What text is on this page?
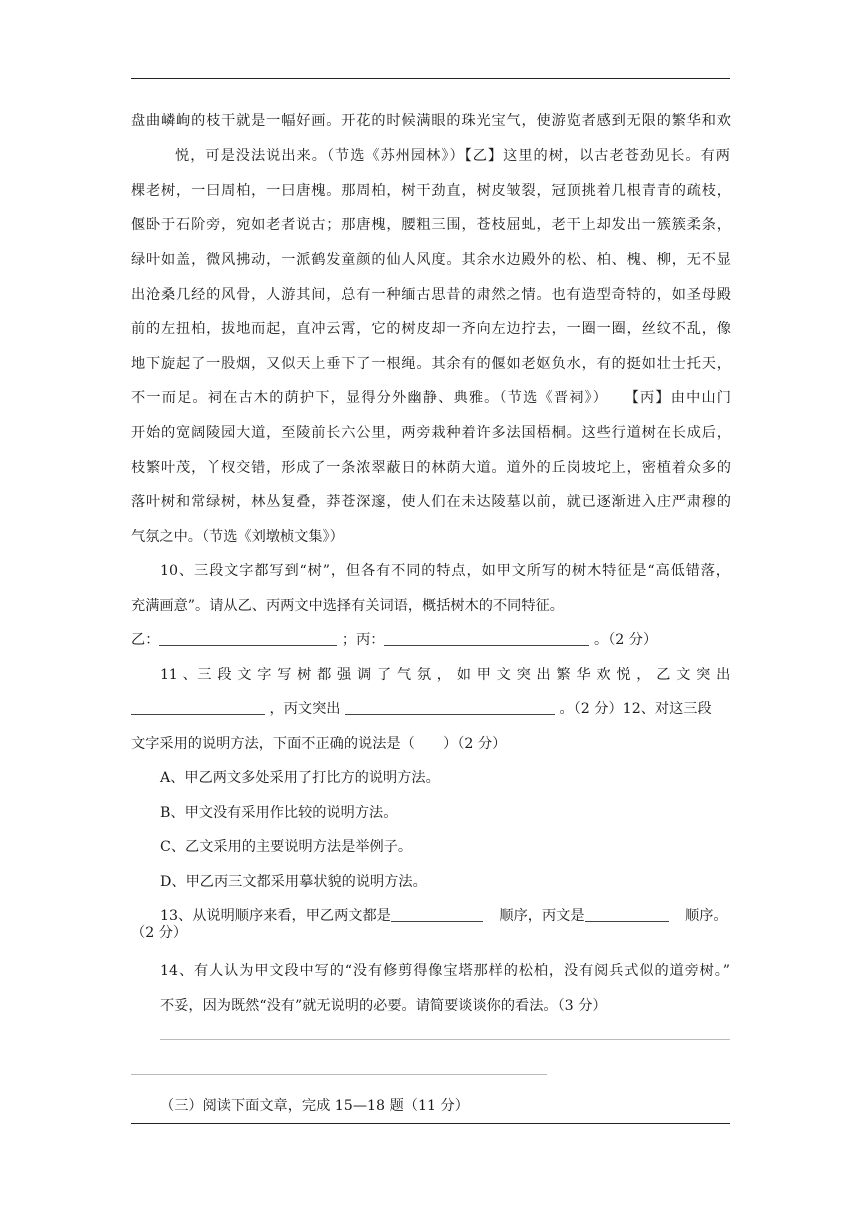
盘曲嶙峋的枝干就是一幅好画。开花的时候满眼的珠光宝气，使游览者感到无限的繁华和欢
悦，可是没法说出来。（节选《苏州园林》）【乙】这里的树，以古老苍劲见长。有两
棵老树，一曰周柏，一曰唐槐。那周柏，树干劲直，树皮皱裂，冠顶挑着几根青青的疏枝，
偃卧于石阶旁，宛如老者说古；那唐槐，腰粗三围，苍枝屈虬，老干上却发出一簇簇柔条，
绿叶如盖，微风拂动，一派鹤发童颜的仙人风度。其余水边殿外的松、柏、槐、柳，无不显
出沧桑几经的风骨，人游其间，总有一种缅古思昔的肃然之情。也有造型奇特的，如圣母殿
前的左扭柏，拔地而起，直冲云霄，它的树皮却一齐向左边拧去，一圈一圈，丝纹不乱，像
地下旋起了一股烟，又似天上垂下了一根绳。其余有的偃如老妪负水，有的挺如壮士托天，
不一而足。祠在古木的荫护下，显得分外幽静、典雅。（节选《晋祠》）　　【丙】由中山门
开始的宽阔陵园大道，至陵前长六公里，两旁栽种着许多法国梧桐。这些行道树在长成后，
枝繁叶茂，丫杈交错，形成了一条浓翠蔽日的林荫大道。道外的丘岗坡坨上，密植着众多的
落叶树和常绿树，林丛复叠，莽苍深邃，使人们在未达陵墓以前，就已逐渐进入庄严肃穆的
气氛之中。（节选《刘墩桢文集》）
10、三段文字都写到“树”，但各有不同的特点，如甲文所写的树木特征是“高低错落，
充满画意”。请从乙、丙两文中选择有关词语，概括树木的不同特征。
乙：	；丙：	。（2 分）
11 、三 段 文 字 写 树 都 强 调 了 气 氛 ， 如 甲 文 突 出 繁 华 欢 悦 ， 乙 文 突 出
，丙文突出	。（2 分）12、对这三段
文字采用的说明方法，下面不正确的说法是（　　）（2 分）
A、甲乙两文多处采用了打比方的说明方法。
B、甲文没有采用作比较的说明方法。
C、乙文采用的主要说明方法是举例子。
D、甲乙丙三文都采用摹状貌的说明方法。
13、从说明顺序来看，甲乙两文都是	顺序，丙文是	顺序。
（2 分）
14、有人认为甲文段中写的“没有修剪得像宝塔那样的松柏，没有阅兵式似的道旁树。”
不妥，因为既然“没有”就无说明的必要。请简要谈谈你的看法。（3 分）
（三）阅读下面文章，完成 15—18 题（11 分）
